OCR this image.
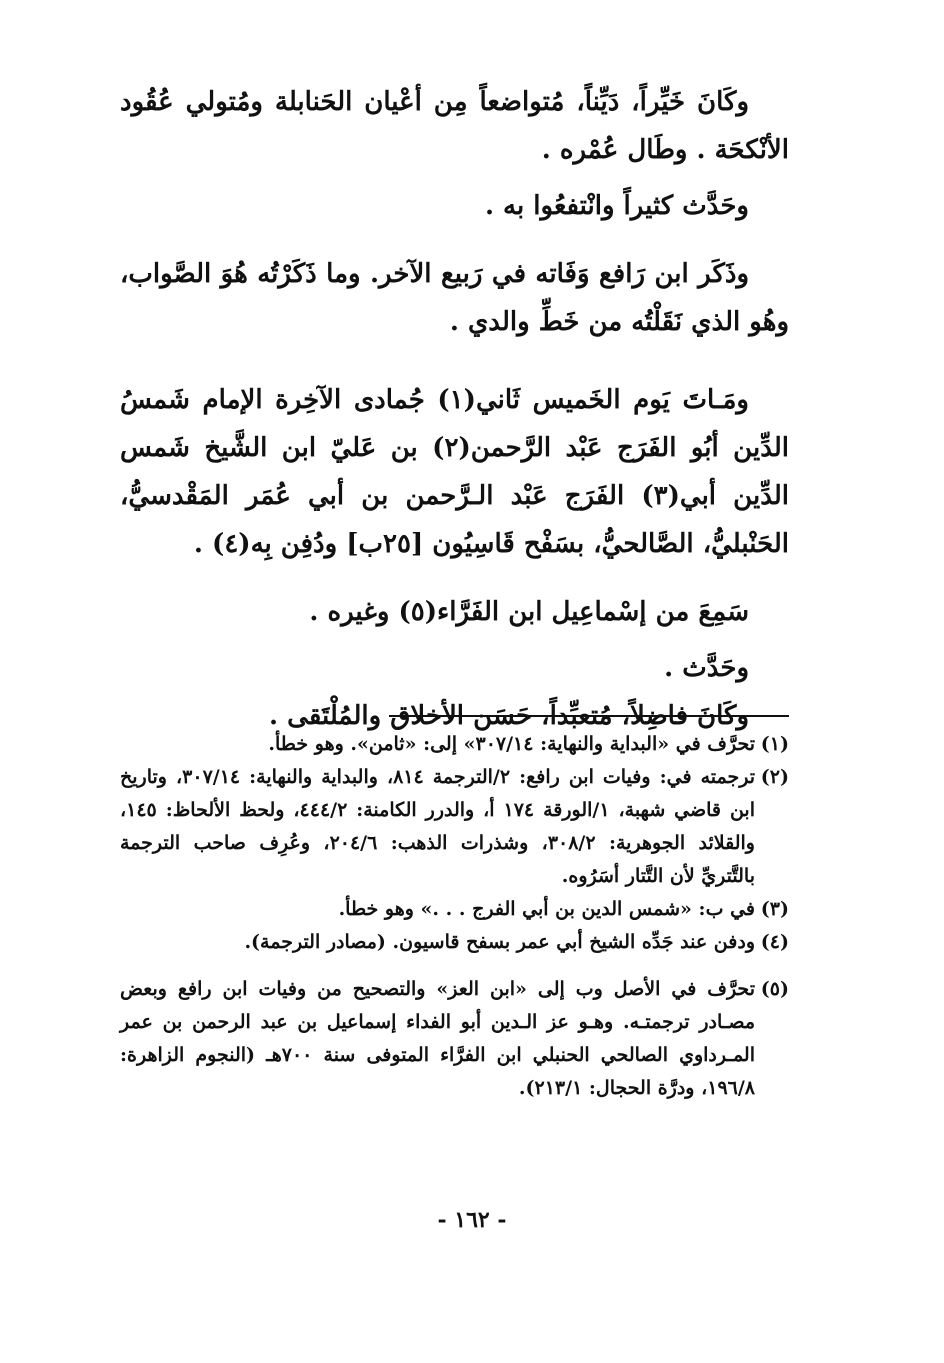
وكَانَ خَيِّراً، دَيِّناً، مُتواضعاً مِن أعْيان الحَنابلة ومُتولي عُقُود الأنْكحَة . وطَال عُمْره .

وحَدَّث كثيراً وانْتفعُوا به .

وذَكَر ابن رَافع وَفَاته في رَبيع الآخر. وما ذَكَرْتُه هُوَ الصَّواب، وهُو الذي نَقَلْتُه من خَطِّ والدي .

ومَـاتَ يَوم الخَميس ثَاني(١) جُمادى الآخِرة الإمام شَمسُ الدِّين أبُو الفَرَج عَبْد الرَّحمن(٢) بن عَليّ ابن الشَّيخ شَمس الدِّين أبي(٣) الفَرَج عَبْد الـرَّحمن بن أبي عُمَر المَقْدسيُّ، الحَنْبليُّ، الصَّالحيُّ، بسَفْح قَاسِيُون [٢٥ب] ودُفِن بِه(٤) .

سَمِعَ من إسْماعِيل ابن الفَرَّاء(٥) وغيره .

وحَدَّث .

وكَانَ فاضِلاً، مُتعبِّداً، حَسَن الأخلاق والمُلْتَقى .

(١)
تحرَّف في «البداية والنهاية: ٣٠٧/١٤» إلى: «ثامن». وهو خطأ.
(٢)
ترجمته في: وفيات ابن رافع: ٢/الترجمة ٨١٤، والبداية والنهاية: ٣٠٧/١٤، وتاريخ ابن قاضي شهبة، ١/الورقة ١٧٤ أ، والدرر الكامنة: ٤٤٤/٢، ولحظ الألحاظ: ١٤٥، والقلائد الجوهرية: ٣٠٨/٢، وشذرات الذهب: ٢٠٤/٦، وعُرِف صاحب الترجمة بالتَّتريِّ لأن التَّتار أسَرُوه.
(٣)
في ب: «شمس الدين بن أبي الفرج . . .» وهو خطأ.
(٤)
ودفن عند جَدِّه الشيخ أبي عمر بسفح قاسيون. (مصادر الترجمة).
(٥)
تحرَّف في الأصل وب إلى «ابن العز» والتصحيح من وفيات ابن رافع وبعض مصـادر ترجمتـه. وهـو عز الـدين أبو الفداء إسماعيل بن عبد الرحمن بن عمر المـرداوي الصالحي الحنبلي ابن الفرَّاء المتوفى سنة ٧٠٠هـ (النجوم الزاهرة: ١٩٦/٨، ودرَّة الحجال: ٢١٣/١).
- ١٦٢ -
